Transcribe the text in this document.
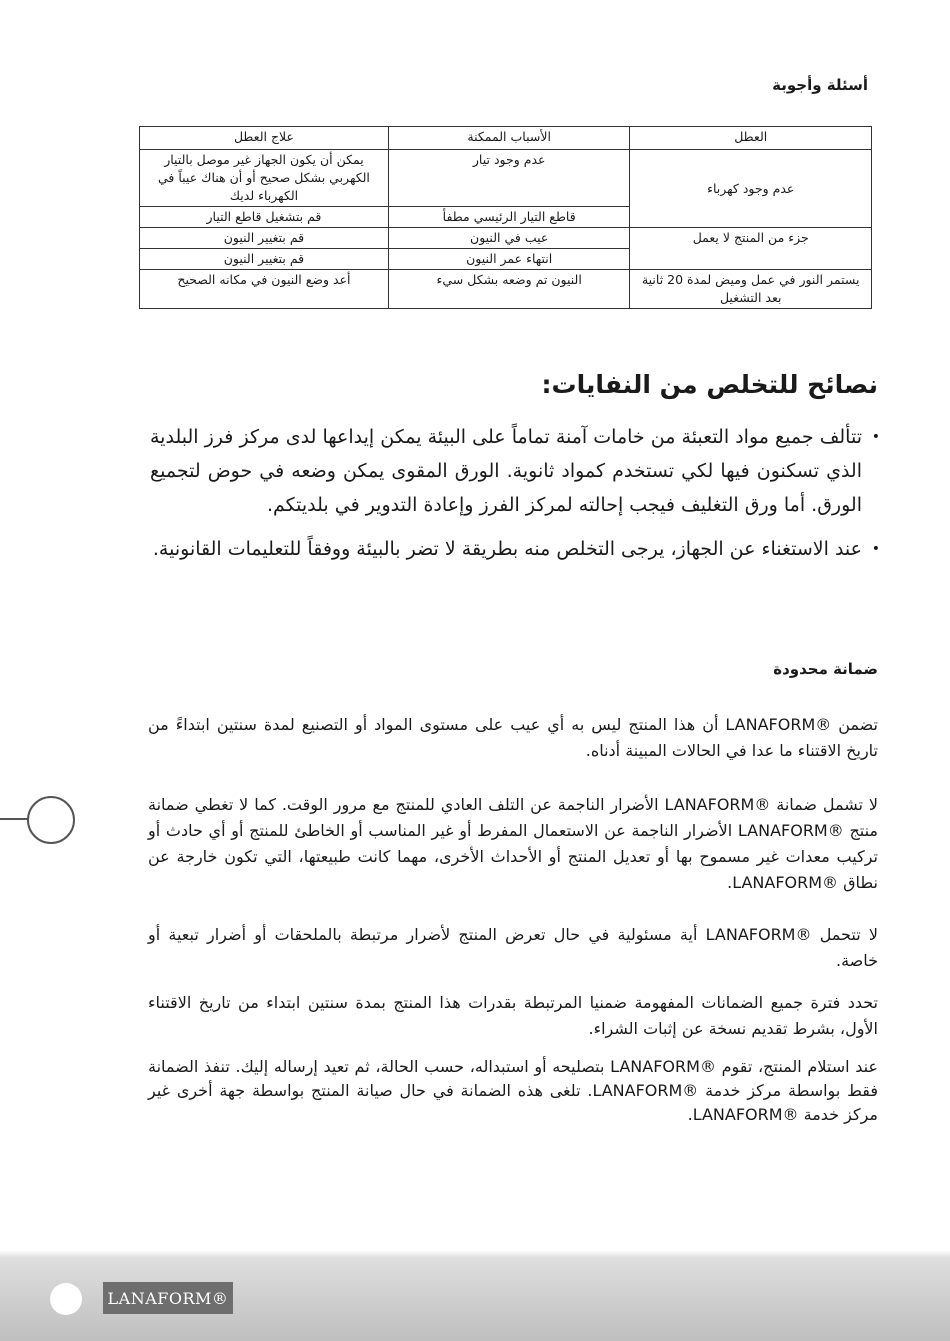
أسئلة وأجوبة
العطل	الأسباب الممكنة	علاج العطل
عدم وجود كهرباء	عدم وجود تيار	يمكن أن يكون الجهاز غير موصل بالتيار الكهربي بشكل صحيح أو أن هناك عيباً في الكهرباء لديك
	قاطع التيار الرئيسي مطفأ	قم بتشغيل قاطع التيار
جزء من المنتج لا يعمل	عيب في النيون	قم بتغيير النيون
	انتهاء عمر النيون	قم بتغيير النيون
يستمر النور في عمل وميض لمدة 20 ثانية بعد التشغيل	النيون تم وضعه بشكل سيء	أعد وضع النيون في مكانه الصحيح
نصائح للتخلص من النفايات:
•
تتألف جميع مواد التعبئة من خامات آمنة تماماً على البيئة يمكن إيداعها لدى مركز فرز البلدية الذي تسكنون فيها لكي تستخدم كمواد ثانوية. الورق المقوى يمكن وضعه في حوض لتجميع الورق. أما ورق التغليف فيجب إحالته لمركز الفرز وإعادة التدوير في بلديتكم.
•
عند الاستغناء عن الجهاز، يرجى التخلص منه بطريقة لا تضر بالبيئة ووفقاً للتعليمات القانونية.
ضمانة محدودة

تضمن ®LANAFORM أن هذا المنتج ليس به أي عيب على مستوى المواد أو التصنيع لمدة سنتين ابتداءً من تاريخ الاقتناء ما عدا في الحالات المبينة أدناه.

لا تشمل ضمانة ®LANAFORM الأضرار الناجمة عن التلف العادي للمنتج مع مرور الوقت. كما لا تغطي ضمانة منتج ®LANAFORM الأضرار الناجمة عن الاستعمال المفرط أو غير المناسب أو الخاطئ للمنتج أو أي حادث أو تركيب معدات غير مسموح بها أو تعديل المنتج أو الأحداث الأخرى، مهما كانت طبيعتها، التي تكون خارجة عن نطاق ®LANAFORM.

لا تتحمل ®LANAFORM أية مسئولية في حال تعرض المنتج لأضرار مرتبطة بالملحقات أو أضرار تبعية أو خاصة.

تحدد فترة جميع الضمانات المفهومة ضمنيا المرتبطة بقدرات هذا المنتج بمدة سنتين ابتداء من تاريخ الاقتناء الأول، بشرط تقديم نسخة عن إثبات الشراء.

عند استلام المنتج، تقوم ®LANAFORM بتصليحه أو استبداله، حسب الحالة، ثم تعيد إرساله إليك. تنفذ الضمانة فقط بواسطة مركز خدمة ®LANAFORM. تلغى هذه الضمانة في حال صيانة المنتج بواسطة جهة أخرى غير مركز خدمة ®LANAFORM.

LANAFORM®
